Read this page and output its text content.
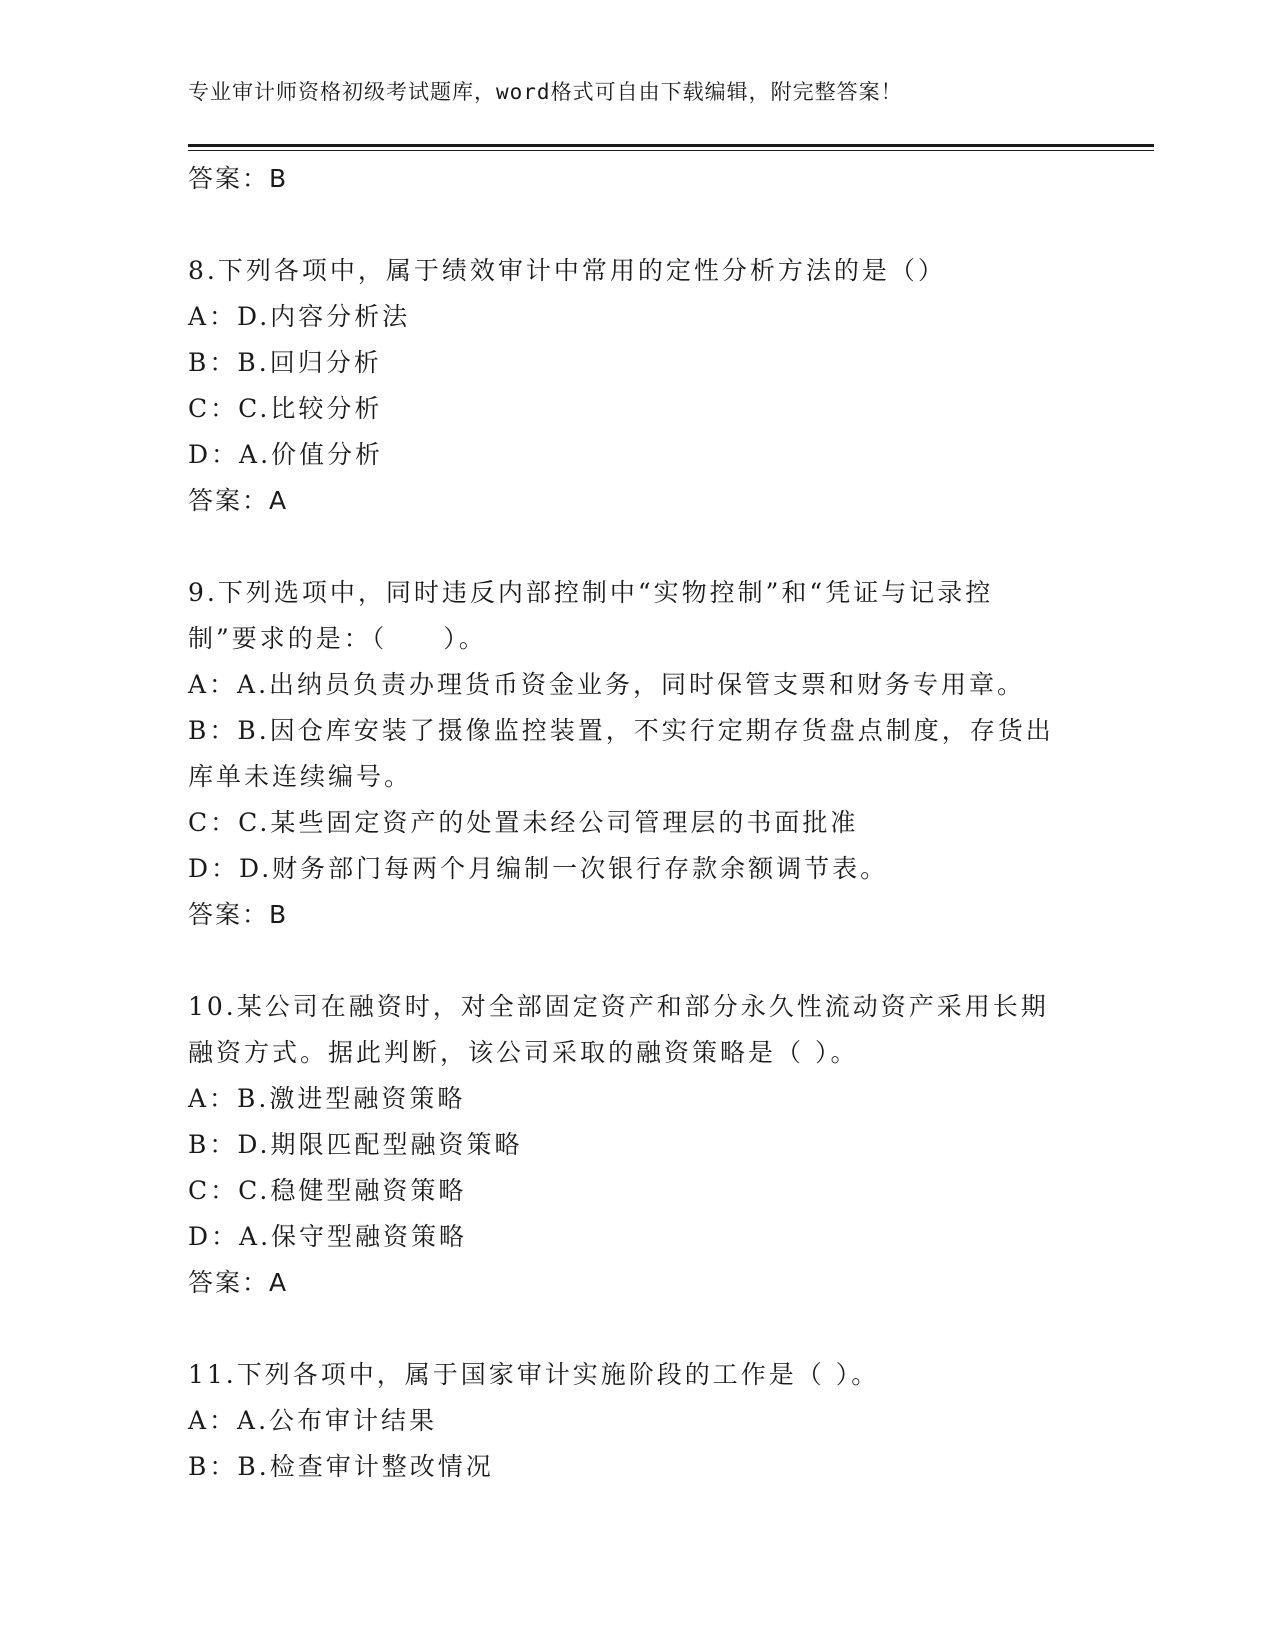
专业审计师资格初级考试题库，word格式可自由下载编辑，附完整答案！

答案：B

8.下列各项中，属于绩效审计中常用的定性分析方法的是（）

A：D.内容分析法

B：B.回归分析

C：C.比较分析

D：A.价值分析

答案：A

9.下列选项中，同时违反内部控制中“实物控制”和“凭证与记录控

制”要求的是：（　　）。

A：A.出纳员负责办理货币资金业务，同时保管支票和财务专用章。

B：B.因仓库安装了摄像监控装置，不实行定期存货盘点制度，存货出

库单未连续编号。

C：C.某些固定资产的处置未经公司管理层的书面批准

D：D.财务部门每两个月编制一次银行存款余额调节表。

答案：B

10.某公司在融资时，对全部固定资产和部分永久性流动资产采用长期

融资方式。据此判断，该公司采取的融资策略是（ ）。

A：B.激进型融资策略

B：D.期限匹配型融资策略

C：C.稳健型融资策略

D：A.保守型融资策略

答案：A

11.下列各项中，属于国家审计实施阶段的工作是（ ）。

A：A.公布审计结果

B：B.检查审计整改情况
